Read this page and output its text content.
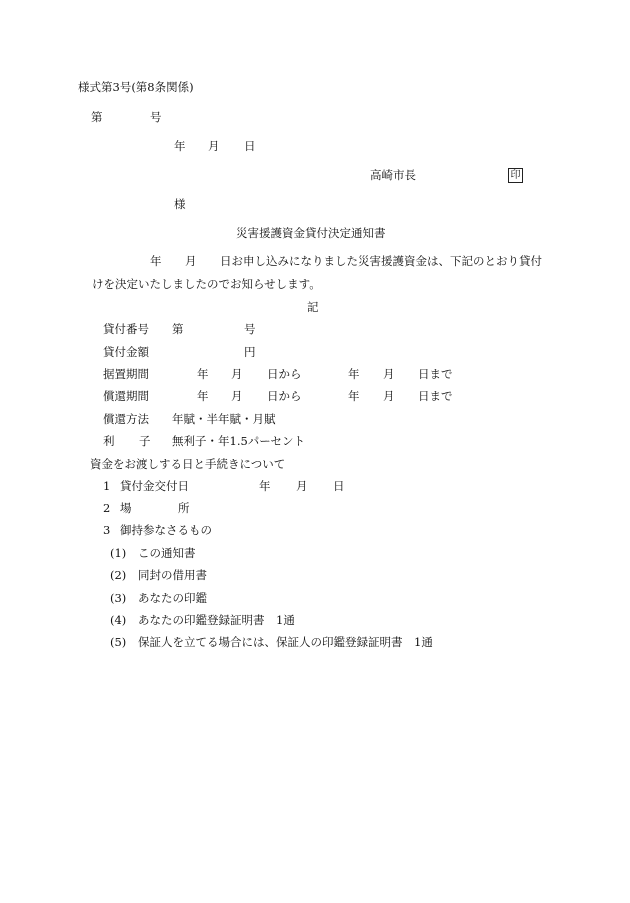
様式第3号(第8条関係)
第	号
年 月 日
高崎市長	印
様
災害援護資金貸付決定通知書
年 月 日お申し込みになりました災害援護資金は、下記のとおり貸付
けを決定いたしましたのでお知らせします。
記
貸付番号 第	号
貸付金額	円
据置期間	年 月 日から	年 月 日まで
償還期間	年 月 日から	年 月 日まで
償還方法 年賦・半年賦・月賦
利 子 無利子・年1.5パーセント
資金をお渡しする日と手続きについて
1 貸付金交付日	年 月 日
2 場	所
3 御持参なさるもの
(1) この通知書
(2) 同封の借用書
(3) あなたの印鑑
(4) あなたの印鑑登録証明書　1通
(5) 保証人を立てる場合には、保証人の印鑑登録証明書　1通
